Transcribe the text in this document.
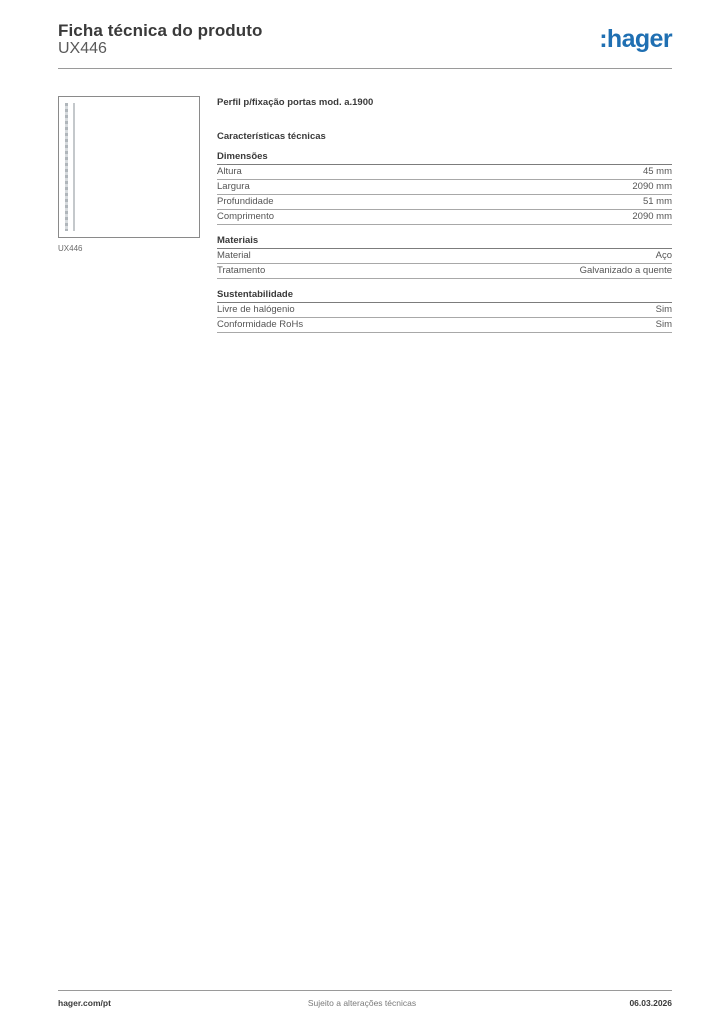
Ficha técnica do produto
UX446	:hager
UX446
Perfil p/fixação portas mod. a.1900
Características técnicas
Dimensões
Altura	45 mm
Largura	2090 mm
Profundidade	51 mm
Comprimento	2090 mm
Materiais
Material	Aço
Tratamento	Galvanizado a quente
Sustentabilidade
Livre de halógenio	Sim
Conformidade RoHs	Sim
hager.com/pt	Sujeito a alterações técnicas	06.03.2026
